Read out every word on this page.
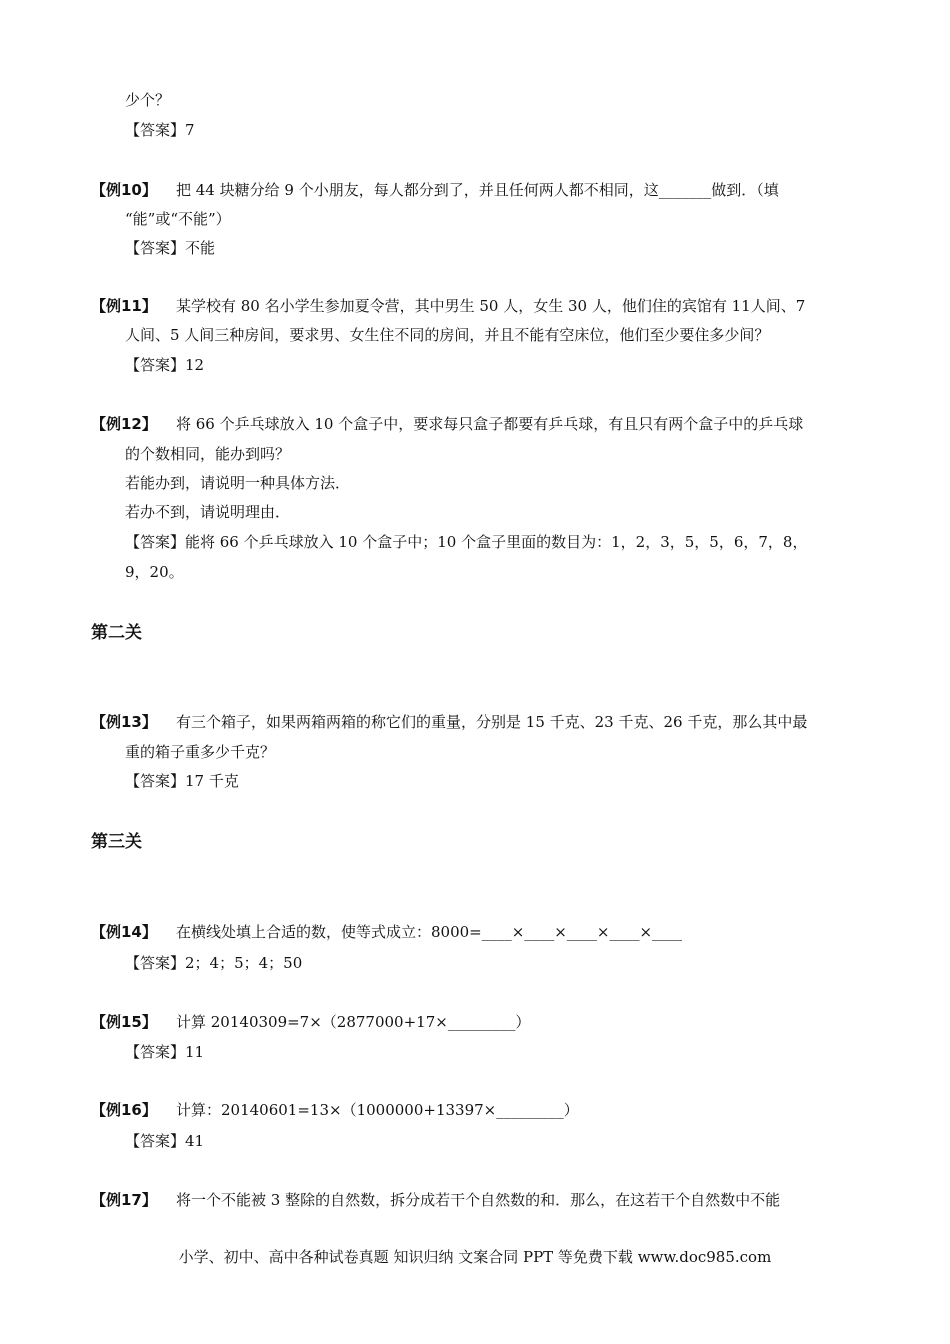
少个？
【答案】7
【例10】 把 44 块糖分给 9 个小朋友，每人都分到了，并且任何两人都不相同，这_______做到．（填
“能”或“不能”）
【答案】不能
【例11】 某学校有 80 名小学生参加夏令营，其中男生 50 人，女生 30 人，他们住的宾馆有 11人间、7
人间、5 人间三种房间，要求男、女生住不同的房间，并且不能有空床位，他们至少要住多少间？
【答案】12
【例12】 将 66 个乒乓球放入 10 个盒子中，要求每只盒子都要有乒乓球，有且只有两个盒子中的乒乓球
的个数相同，能办到吗？
若能办到，请说明一种具体方法．
若办不到，请说明理由．
【答案】能将 66 个乒乓球放入 10 个盒子中；10 个盒子里面的数目为：1，2，3，5，5，6，7，8，
9，20。
第二关
【例13】 有三个箱子，如果两箱两箱的称它们的重量，分别是 15 千克、23 千克、26 千克，那么其中最
重的箱子重多少千克？
【答案】17 千克
第三关
【例14】 在横线处填上合适的数，使等式成立：8000=____×____×____×____×____
【答案】2；4；5；4；50
【例15】 计算 20140309=7×（2877000+17×_________）
【答案】11
【例16】 计算：20140601=13×（1000000+13397×_________）
【答案】41
【例17】 将一个不能被 3 整除的自然数，拆分成若干个自然数的和．那么，在这若干个自然数中不能
小学、初中、高中各种试卷真题 知识归纳 文案合同 PPT 等免费下载 www.doc985.com
